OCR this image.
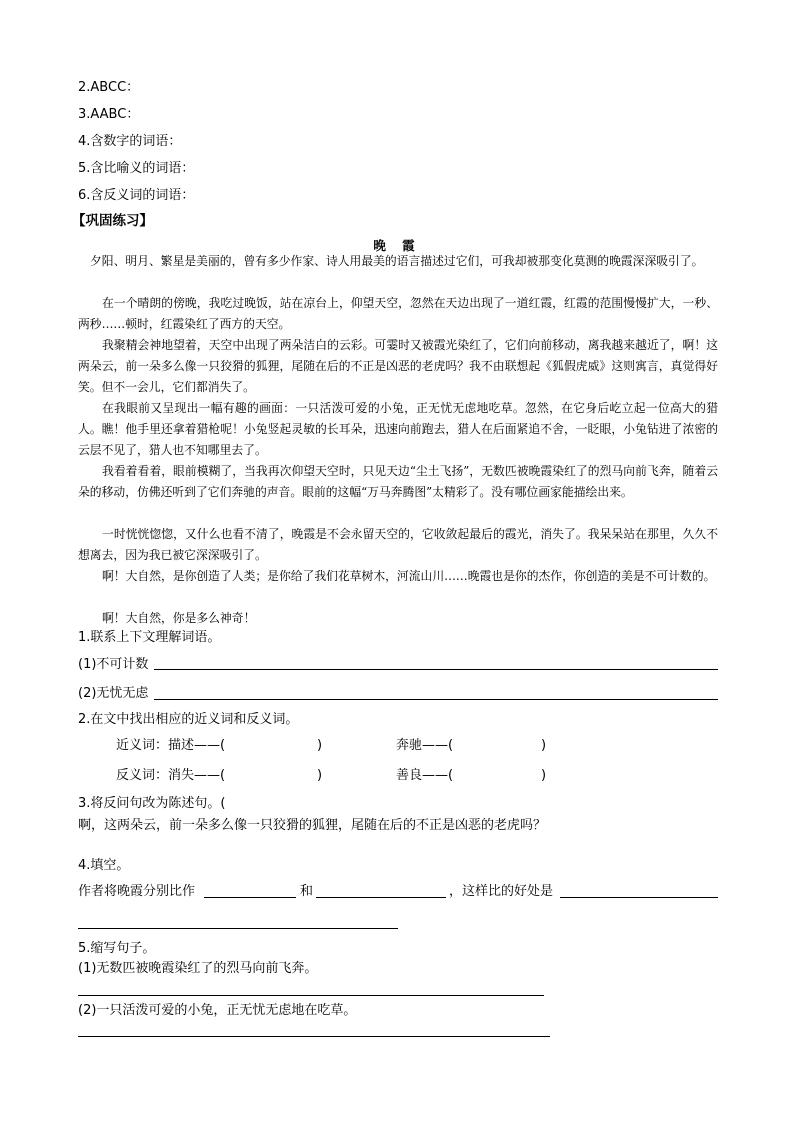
2.ABCC：
3.AABC：
4.含数字的词语：
5.含比喻义的词语：
6.含反义词的词语：
【巩固练习】
晚 霞
夕阳、明月、繁星是美丽的，曾有多少作家、诗人用最美的语言描述过它们，可我却被那变化莫测的晚霞深深吸引了。
在一个晴朗的傍晚，我吃过晚饭，站在凉台上，仰望天空，忽然在天边出现了一道红霞，红霞的范围慢慢扩大，一秒、两秒……顿时，红霞染红了西方的天空。
我聚精会神地望着，天空中出现了两朵洁白的云彩。可霎时又被霞光染红了，它们向前移动，离我越来越近了，啊！这两朵云，前一朵多么像一只狡猾的狐狸，尾随在后的不正是凶恶的老虎吗？我不由联想起《狐假虎威》这则寓言，真觉得好笑。但不一会儿，它们都消失了。
在我眼前又呈现出一幅有趣的画面：一只活泼可爱的小兔，正无忧无虑地吃草。忽然，在它身后屹立起一位高大的猎人。瞧！他手里还拿着猎枪呢！小兔竖起灵敏的长耳朵，迅速向前跑去，猎人在后面紧追不舍，一眨眼，小兔钻进了浓密的云层不见了，猎人也不知哪里去了。
我看着看着，眼前模糊了，当我再次仰望天空时，只见天边“尘土飞扬”，无数匹被晚霞染红了的烈马向前飞奔，随着云朵的移动，仿佛还听到了它们奔驰的声音。眼前的这幅“万马奔腾图”太精彩了。没有哪位画家能描绘出来。
一时恍恍惚惚，又什么也看不清了，晚霞是不会永留天空的，它收敛起最后的霞光，消失了。我呆呆站在那里，久久不想离去，因为我已被它深深吸引了。
啊！大自然，是你创造了人类；是你给了我们花草树木，河流山川……晚霞也是你的杰作，你创造的美是不可计数的。
啊！大自然，你是多么神奇！
1.联系上下文理解词语。
(1)不可计数
(2)无忧无虑
2.在文中找出相应的近义词和反义词。
近义词：描述——(	)	奔驰——(	)
反义词：消失——(	)	善良——(	)
3.将反问句改为陈述句。(
啊，这两朵云，前一朵多么像一只狡猾的狐狸，尾随在后的不正是凶恶的老虎吗？
4.填空。
作者将晚霞分别比作	和	，这样比的好处是
5.缩写句子。
(1)无数匹被晚霞染红了的烈马向前飞奔。
(2)一只活泼可爱的小兔，正无忧无虑地在吃草。
